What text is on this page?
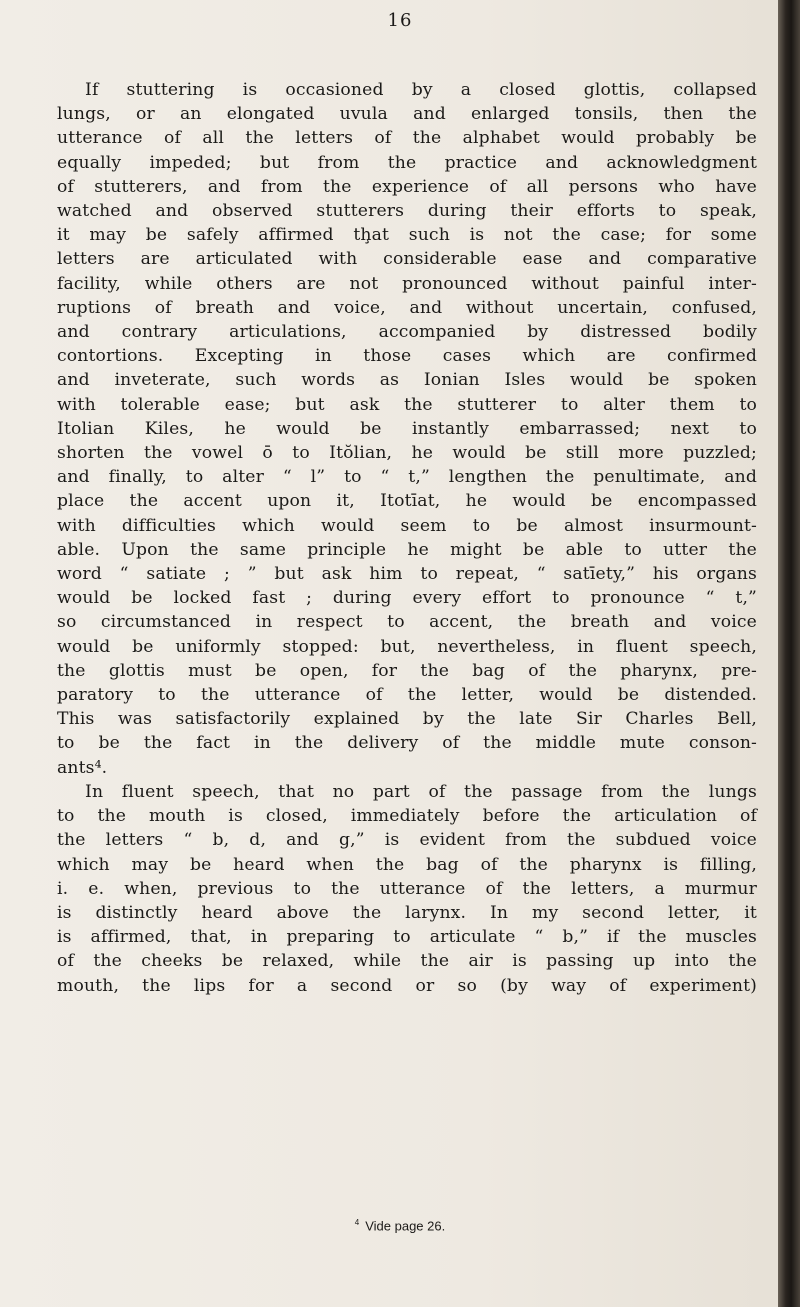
16

If stuttering is occasioned by a closed glottis, collapsed
lungs, or an elongated uvula and enlarged tonsils, then the
utterance of all the letters of the alphabet would probably be
equally impeded; but from the practice and acknowledgment
of stutterers, and from the experience of all persons who have
watched and observed stutterers during their efforts to speak,
it may be safely affirmed tḩat such is not the case; for some
letters are articulated with considerable ease and comparative
facility, while others are not pronounced without painful inter-
ruptions of breath and voice, and without uncertain, confused,
and contrary articulations, accompanied by distressed bodily
contortions. Excepting in those cases which are confirmed
and inveterate, such words as Ionian Isles would be spoken
with tolerable ease; but ask the stutterer to alter them to
Itolian Kiles, he would be instantly embarrassed; next to
shorten the vowel ō to Itŏlian, he would be still more puzzled;
and finally, to alter “ l” to “ t,” lengthen the penultimate, and
place the accent upon it, Itotīat, he would be encompassed
with difficulties which would seem to be almost insurmount-
able. Upon the same principle he might be able to utter the
word “ satiate ; ” but ask him to repeat, “ satīety,” his organs
would be locked fast ; during every effort to pronounce “ t,”
so circumstanced in respect to accent, the breath and voice
would be uniformly stopped: but, nevertheless, in fluent speech,
the glottis must be open, for the bag of the pharynx, pre-
paratory to the utterance of the letter, would be distended.
This was satisfactorily explained by the late Sir Charles Bell,
to be the fact in the delivery of the middle mute conson-
ants⁴.

In fluent speech, that no part of the passage from the lungs
to the mouth is closed, immediately before the articulation of
the letters “ b, d, and g,” is evident from the subdued voice
which may be heard when the bag of the pharynx is filling,
i. e. when, previous to the utterance of the letters, a murmur
is distinctly heard above the larynx. In my second letter, it
is affirmed, that, in preparing to articulate “ b,” if the muscles
of the cheeks be relaxed, while the air is passing up into the
mouth, the lips for a second or so (by way of experiment)

$^4$ Vide page 26.
